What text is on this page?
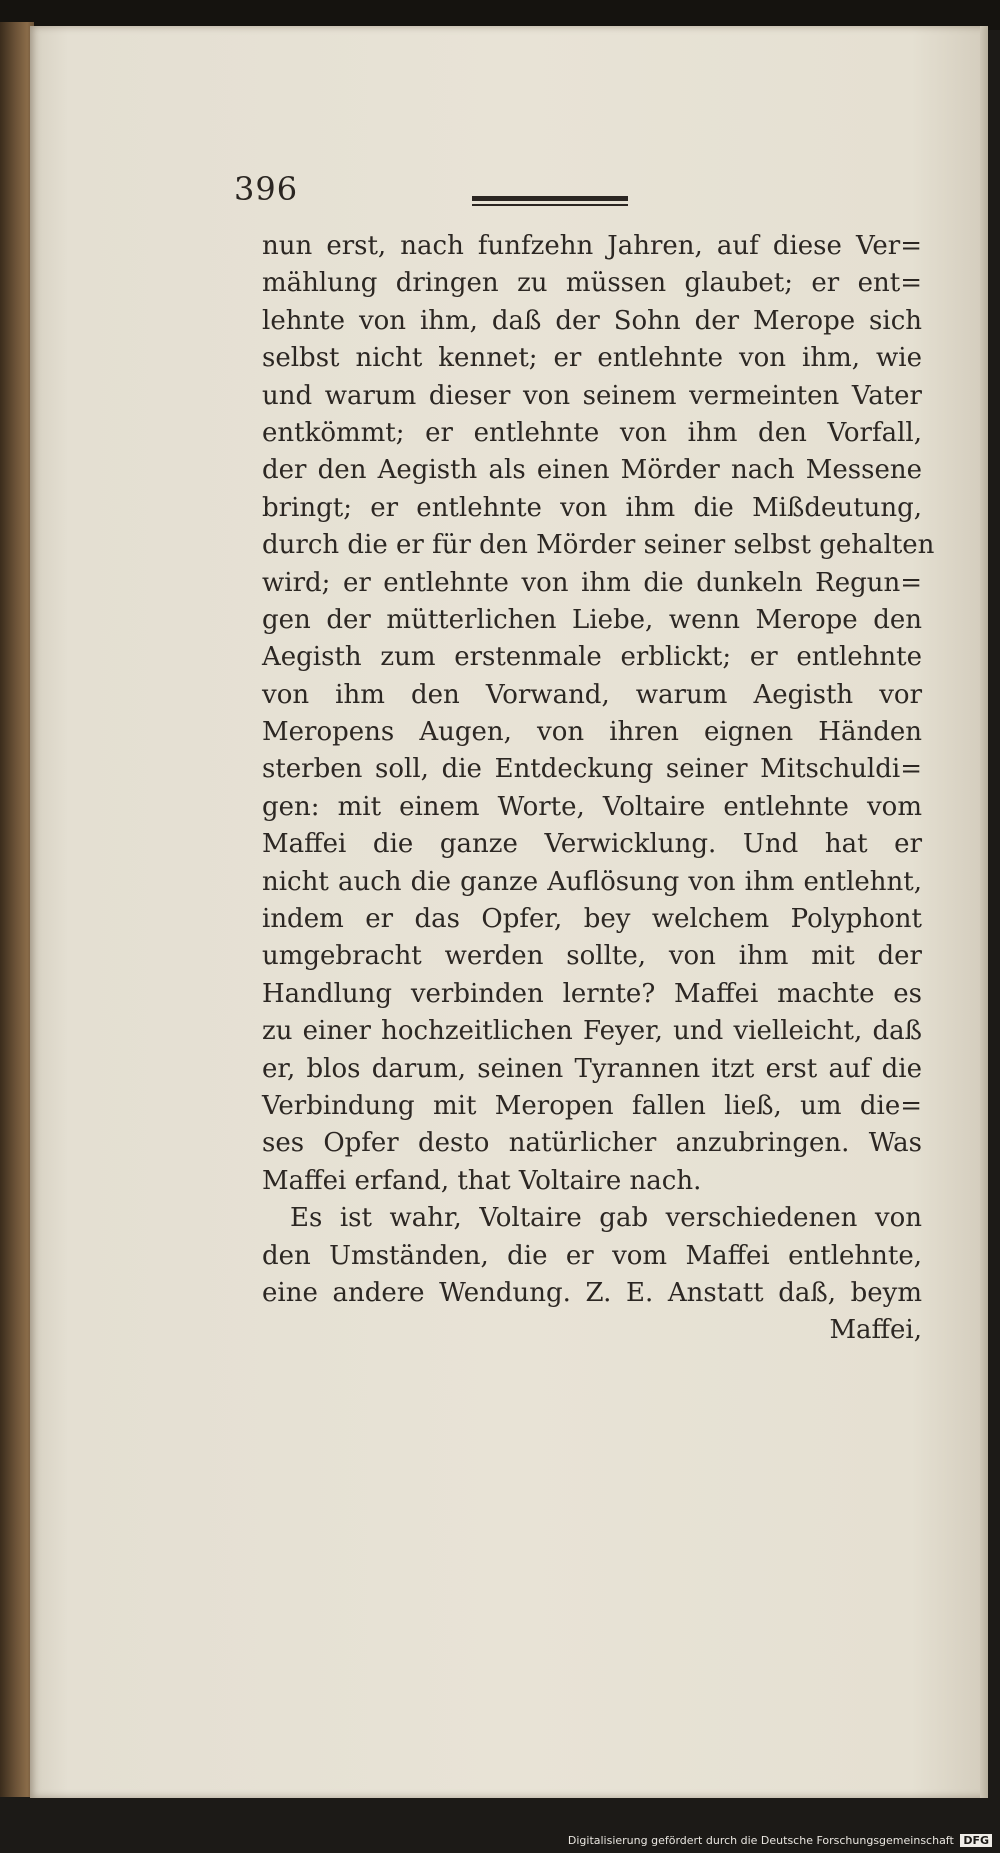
396
nun erst, nach funfzehn Jahren, auf diese Ver=
mählung dringen zu müssen glaubet; er ent=
lehnte von ihm, daß der Sohn der Merope sich
selbst nicht kennet; er entlehnte von ihm, wie
und warum dieser von seinem vermeinten Vater
entkömmt; er entlehnte von ihm den Vorfall,
der den Aegisth als einen Mörder nach Messene
bringt; er entlehnte von ihm die Mißdeutung,
durch die er für den Mörder seiner selbst gehalten
wird; er entlehnte von ihm die dunkeln Regun=
gen der mütterlichen Liebe, wenn Merope den
Aegisth zum erstenmale erblickt; er entlehnte
von ihm den Vorwand, warum Aegisth vor
Meropens Augen, von ihren eignen Händen
sterben soll, die Entdeckung seiner Mitschuldi=
gen: mit einem Worte, Voltaire entlehnte vom
Maffei die ganze Verwicklung. Und hat er
nicht auch die ganze Auflösung von ihm entlehnt,
indem er das Opfer, bey welchem Polyphont
umgebracht werden sollte, von ihm mit der
Handlung verbinden lernte? Maffei machte es
zu einer hochzeitlichen Feyer, und vielleicht, daß
er, blos darum, seinen Tyrannen itzt erst auf die
Verbindung mit Meropen fallen ließ, um die=
ses Opfer desto natürlicher anzubringen. Was
Maffei erfand, that Voltaire nach.
Es ist wahr, Voltaire gab verschiedenen von
den Umständen, die er vom Maffei entlehnte,
eine andere Wendung. Z. E. Anstatt daß, beym
Maffei,
Digitalisierung gefördert durch die Deutsche Forschungsgemeinschaft DFG
